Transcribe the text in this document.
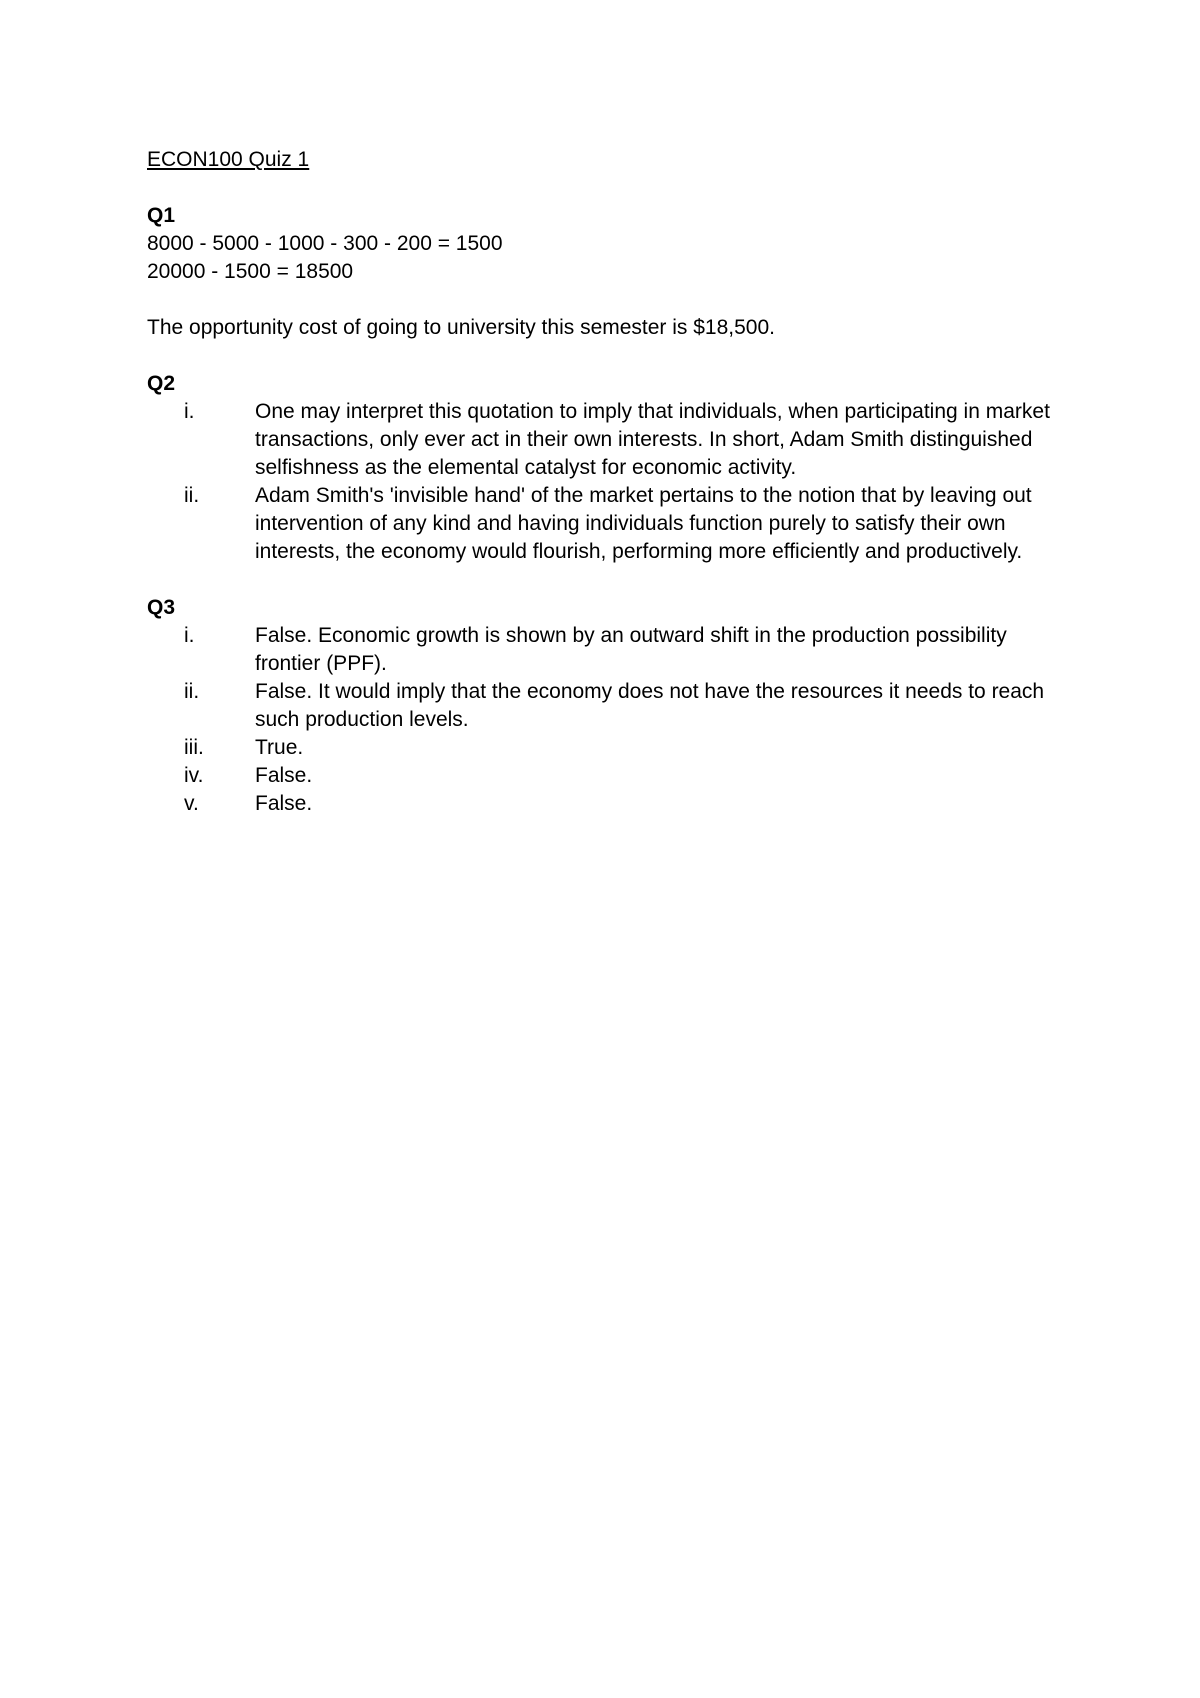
ECON100 Quiz 1

Q1

8000 - 5000 - 1000 - 300 - 200 = 1500

20000 - 1500 = 18500

The opportunity cost of going to university this semester is $18,500.

Q2

i.	One may interpret this quotation to imply that individuals, when participating in market transactions, only ever act in their own interests. In short, Adam Smith distinguished selfishness as the elemental catalyst for economic activity.
ii.	Adam Smith's 'invisible hand' of the market pertains to the notion that by leaving out intervention of any kind and having individuals function purely to satisfy their own interests, the economy would flourish, performing more efficiently and productively.

Q3

i.	False. Economic growth is shown by an outward shift in the production possibility frontier (PPF).
ii.	False. It would imply that the economy does not have the resources it needs to reach such production levels.
iii. True.
iv. False.
v.	False.
